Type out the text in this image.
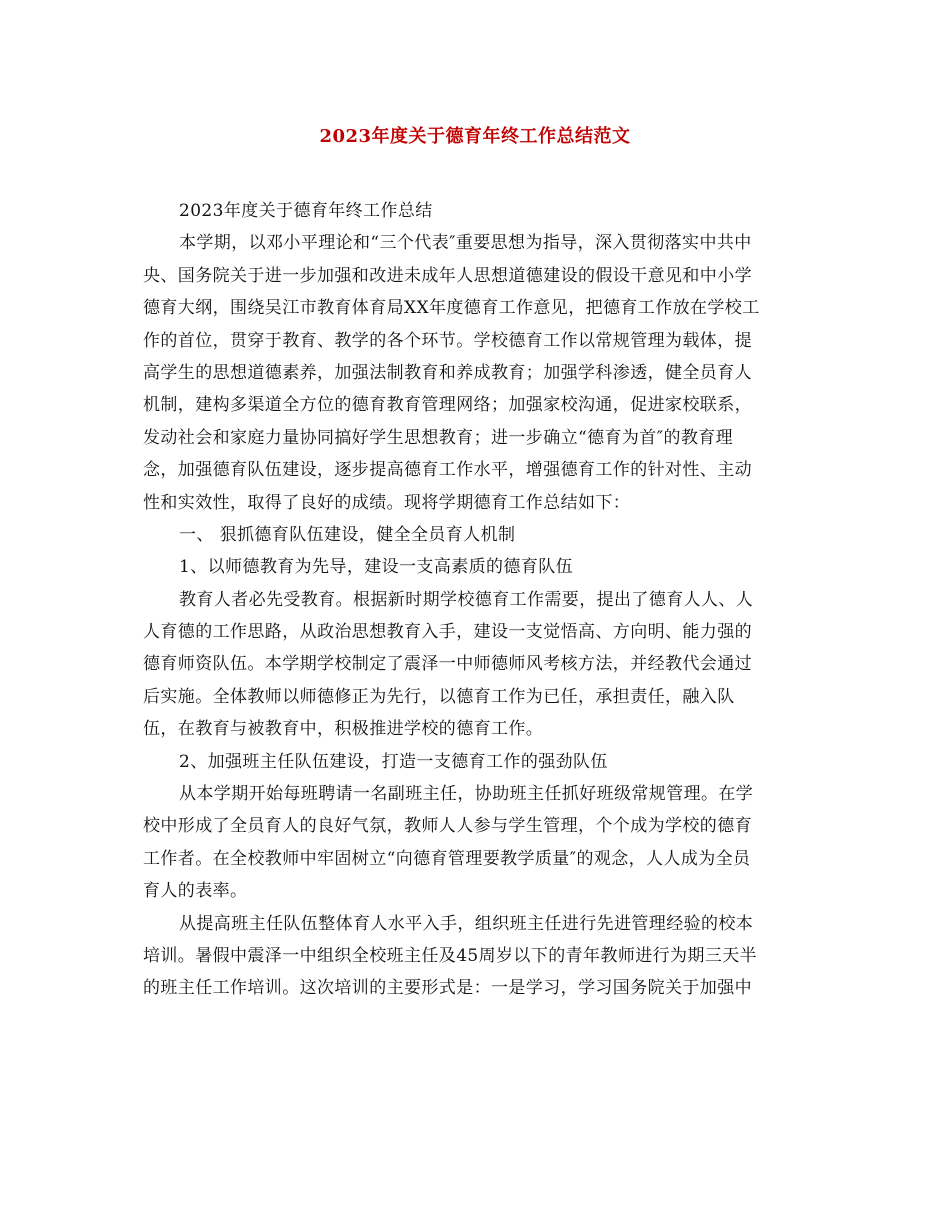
2023年度关于德育年终工作总结范文
2023年度关于德育年终工作总结
本学期，以邓小平理论和“三个代表″重要思想为指导，深入贯彻落实中共中
央、国务院关于进一步加强和改进未成年人思想道德建设的假设干意见和中小学
德育大纲，围绕吴江市教育体育局XX年度德育工作意见，把德育工作放在学校工
作的首位，贯穿于教育、教学的各个环节。学校德育工作以常规管理为载体，提
高学生的思想道德素养，加强法制教育和养成教育；加强学科渗透，健全员育人
机制，建构多渠道全方位的德育教育管理网络；加强家校沟通，促进家校联系，
发动社会和家庭力量协同搞好学生思想教育；进一步确立“德育为首″的教育理
念，加强德育队伍建设，逐步提高德育工作水平，增强德育工作的针对性、主动
性和实效性，取得了良好的成绩。现将学期德育工作总结如下：
一、 狠抓德育队伍建设，健全全员育人机制
1、以师德教育为先导，建设一支高素质的德育队伍
教育人者必先受教育。根据新时期学校德育工作需要，提出了德育人人、人
人育德的工作思路，从政治思想教育入手，建设一支觉悟高、方向明、能力强的
德育师资队伍。本学期学校制定了震泽一中师德师风考核方法，并经教代会通过
后实施。全体教师以师德修正为先行，以德育工作为已任，承担责任，融入队
伍，在教育与被教育中，积极推进学校的德育工作。
2、加强班主任队伍建设，打造一支德育工作的强劲队伍
从本学期开始每班聘请一名副班主任，协助班主任抓好班级常规管理。在学
校中形成了全员育人的良好气氛，教师人人参与学生管理，个个成为学校的德育
工作者。在全校教师中牢固树立“向德育管理要教学质量″的观念，人人成为全员
育人的表率。
从提高班主任队伍整体育人水平入手，组织班主任进行先进管理经验的校本
培训。暑假中震泽一中组织全校班主任及45周岁以下的青年教师进行为期三天半
的班主任工作培训。这次培训的主要形式是：一是学习，学习国务院关于加强中
